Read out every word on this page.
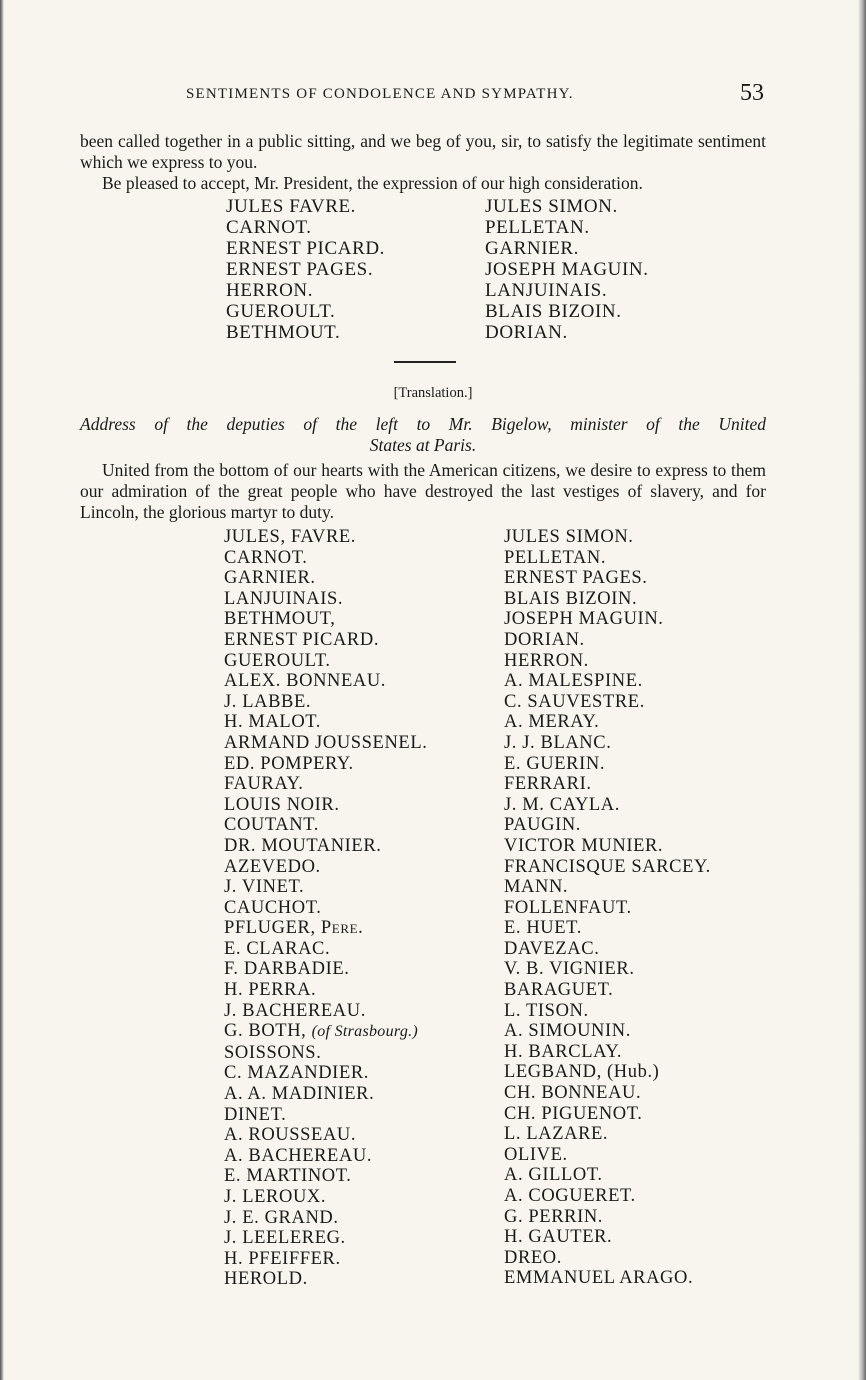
SENTIMENTS OF CONDOLENCE AND SYMPATHY.	53
been called together in a public sitting, and we beg of you, sir, to satisfy the legitimate sentiment which we express to you.
Be pleased to accept, Mr. President, the expression of our high consideration.
JULES FAVRE.
CARNOT.
ERNEST PICARD.
ERNEST PAGES.
HERRON.
GUEROULT.
BETHMOUT.
JULES SIMON.
PELLETAN.
GARNIER.
JOSEPH MAGUIN.
LANJUINAIS.
BLAIS BIZOIN.
DORIAN.
[Translation.]
Address of the deputies of the left to Mr. Bigelow, minister of the United
States at Paris.
United from the bottom of our hearts with the American citizens, we desire to express to them our admiration of the great people who have destroyed the last vestiges of slavery, and for Lincoln, the glorious martyr to duty.
JULES, FAVRE.
CARNOT.
GARNIER.
LANJUINAIS.
BETHMOUT,
ERNEST PICARD.
GUEROULT.
ALEX. BONNEAU.
J. LABBE.
H. MALOT.
ARMAND JOUSSENEL.
ED. POMPERY.
FAURAY.
LOUIS NOIR.
COUTANT.
DR. MOUTANIER.
AZEVEDO.
J. VINET.
CAUCHOT.
PFLUGER, Pere.
E. CLARAC.
F. DARBADIE.
H. PERRA.
J. BACHEREAU.
G. BOTH, (of Strasbourg.)
SOISSONS.
C. MAZANDIER.
A. A. MADINIER.
DINET.
A. ROUSSEAU.
A. BACHEREAU.
E. MARTINOT.
J. LEROUX.
J. E. GRAND.
J. LEELEREG.
H. PFEIFFER.
HEROLD.
JULES SIMON.
PELLETAN.
ERNEST PAGES.
BLAIS BIZOIN.
JOSEPH MAGUIN.
DORIAN.
HERRON.
A. MALESPINE.
C. SAUVESTRE.
A. MERAY.
J. J. BLANC.
E. GUERIN.
FERRARI.
J. M. CAYLA.
PAUGIN.
VICTOR MUNIER.
FRANCISQUE SARCEY.
MANN.
FOLLENFAUT.
E. HUET.
DAVEZAC.
V. B. VIGNIER.
BARAGUET.
L. TISON.
A. SIMOUNIN.
H. BARCLAY.
LEGBAND, (Hub.)
CH. BONNEAU.
CH. PIGUENOT.
L. LAZARE.
OLIVE.
A. GILLOT.
A. COGUERET.
G. PERRIN.
H. GAUTER.
DREO.
EMMANUEL ARAGO.
